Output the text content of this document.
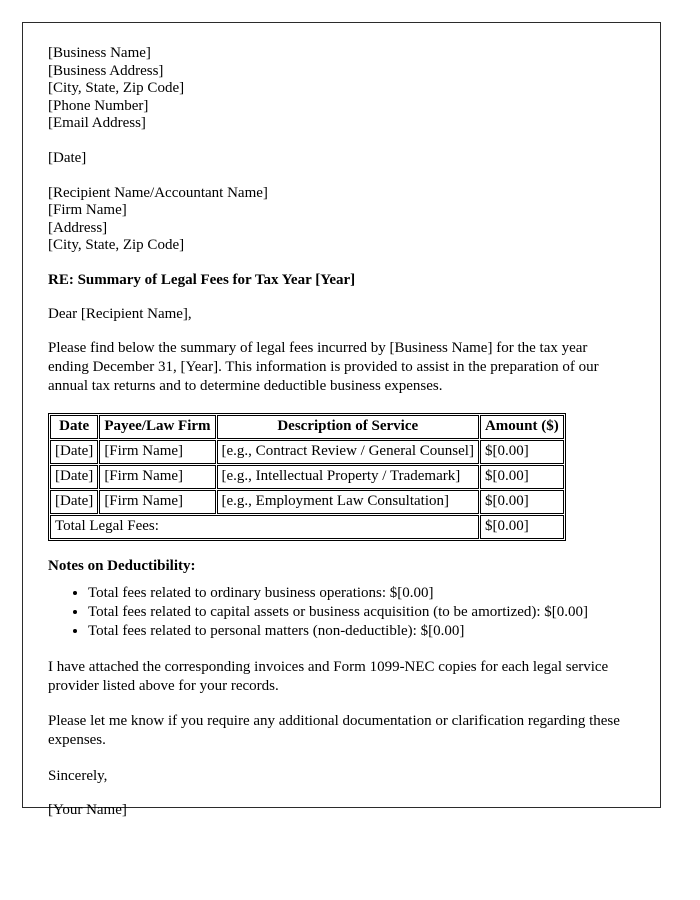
[Business Name]
[Business Address]
[City, State, Zip Code]
[Phone Number]
[Email Address]
[Date]
[Recipient Name/Accountant Name]
[Firm Name]
[Address]
[City, State, Zip Code]

RE: Summary of Legal Fees for Tax Year [Year]

Dear [Recipient Name],

Please find below the summary of legal fees incurred by [Business Name] for the tax year ending December 31, [Year]. This information is provided to assist in the preparation of our annual tax returns and to determine deductible business expenses.

Date	Payee/Law Firm	Description of Service	Amount ($)
[Date]	[Firm Name]	[e.g., Contract Review / General Counsel]	$[0.00]
[Date]	[Firm Name]	[e.g., Intellectual Property / Trademark]	$[0.00]
[Date]	[Firm Name]	[e.g., Employment Law Consultation]	$[0.00]
Total Legal Fees:			$[0.00]

Notes on Deductibility:

• Total fees related to ordinary business operations: $[0.00]
• Total fees related to capital assets or business acquisition (to be amortized): $[0.00]
• Total fees related to personal matters (non-deductible): $[0.00]

I have attached the corresponding invoices and Form 1099-NEC copies for each legal service provider listed above for your records.

Please let me know if you require any additional documentation or clarification regarding these expenses.

Sincerely,

[Your Name]
